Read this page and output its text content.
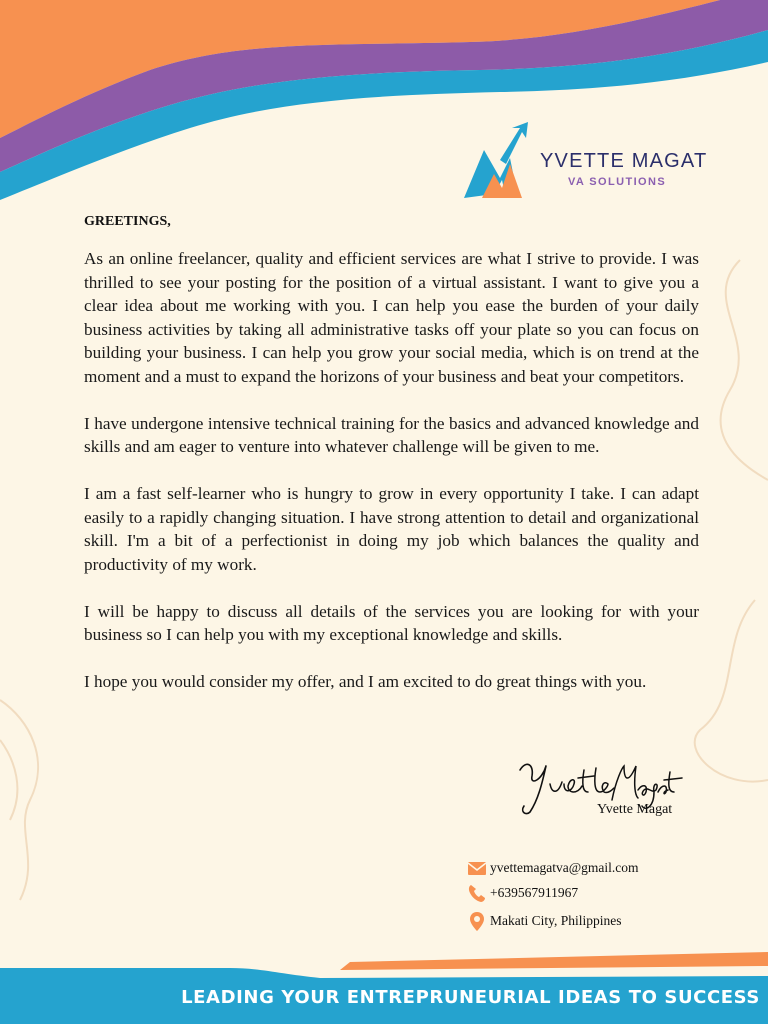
YVETTE MAGAT
VA SOLUTIONS
GREETINGS,

As an online freelancer, quality and efficient services are what I strive to provide. I was thrilled to see your posting for the position of a virtual assistant. I want to give you a clear idea about me working with you. I can help you ease the burden of your daily business activities by taking all administrative tasks off your plate so you can focus on building your business. I can help you grow your social media, which is on trend at the moment and a must to expand the horizons of your business and beat your competitors.

I have undergone intensive technical training for the basics and advanced knowledge and skills and am eager to venture into whatever challenge will be given to me.

I am a fast self-learner who is hungry to grow in every opportunity I take. I can adapt easily to a rapidly changing situation. I have strong attention to detail and organizational skill. I'm a bit of a perfectionist in doing my job which balances the quality and productivity of my work.

I will be happy to discuss all details of the services you are looking for with your business so I can help you with my exceptional knowledge and skills.

I hope you would consider my offer, and I am excited to do great things with you.

Yvette Magat
yvettemagatva@gmail.com
+639567911967
Makati City, Philippines
LEADING YOUR ENTREPRUNEURIAL IDEAS TO SUCCESS
